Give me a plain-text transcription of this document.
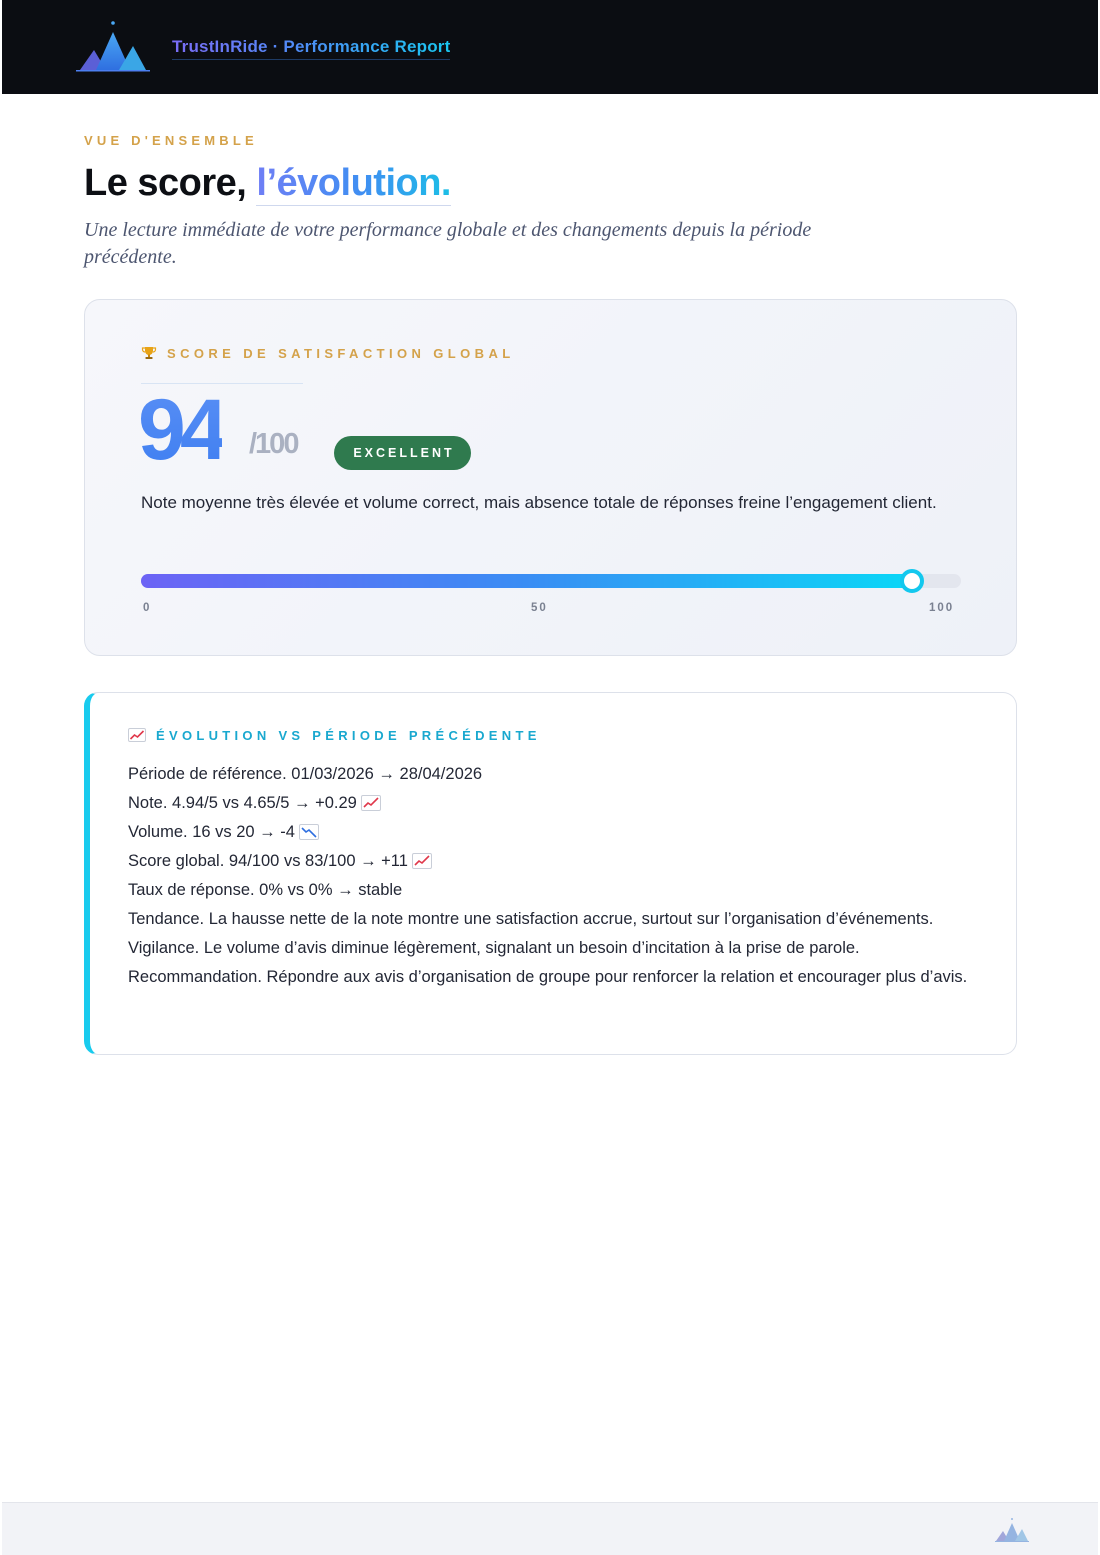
TrustInRide · Performance Report
VUE D'ENSEMBLE
Le score, l’évolution.
Une lecture immédiate de votre performance globale et des changements depuis la période précédente.
SCORE DE SATISFACTION GLOBAL
94 /100	EXCELLENT
Note moyenne très élevée et volume correct, mais absence totale de réponses freine l’engagement client.
0	50	100
ÉVOLUTION VS PÉRIODE PRÉCÉDENTE
Période de référence. 01/03/2026 → 28/04/2026
Note. 4.94/5 vs 4.65/5 → +0.29
Volume. 16 vs 20 → -4
Score global. 94/100 vs 83/100 → +11
Taux de réponse. 0% vs 0% → stable
Tendance. La hausse nette de la note montre une satisfaction accrue, surtout sur l’organisation d’événements. Vigilance. Le volume d’avis diminue légèrement, signalant un besoin d’incitation à la prise de parole. Recommandation. Répondre aux avis d’organisation de groupe pour renforcer la relation et encourager plus d’avis.
